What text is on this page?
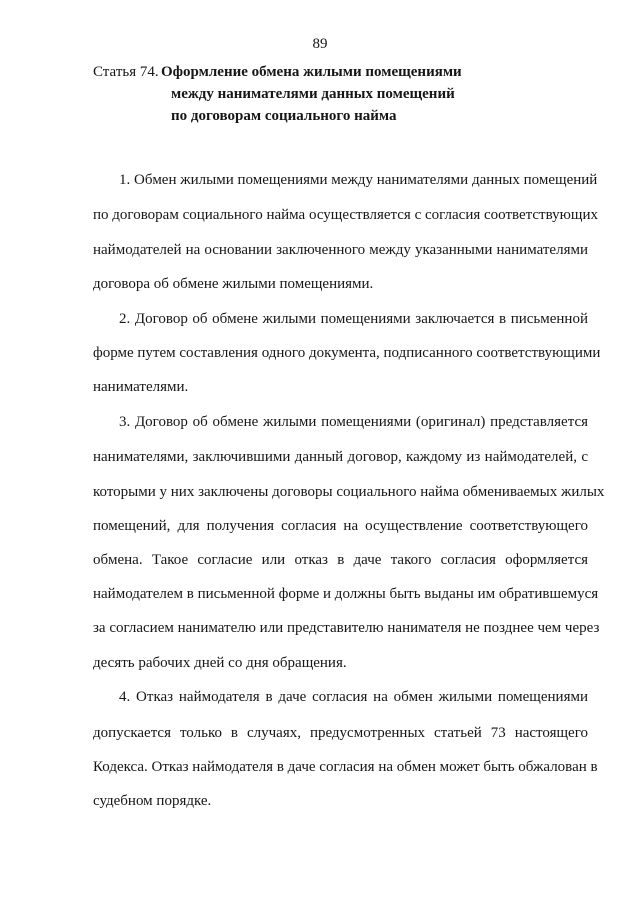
89
Статья 74. Оформление обмена жилыми помещениями
между нанимателями данных помещений
по договорам социального найма
1. Обмен жилыми помещениями между нанимателями данных помещений
по договорам социального найма осуществляется с согласия соответствующих
наймодателей на основании заключенного между указанными нанимателями
договора об обмене жилыми помещениями.
2. Договор об обмене жилыми помещениями заключается в письменной
форме путем составления одного документа, подписанного соответствующими
нанимателями.
3. Договор об обмене жилыми помещениями (оригинал) представляется
нанимателями, заключившими данный договор, каждому из наймодателей, с
которыми у них заключены договоры социального найма обмениваемых жилых
помещений, для получения согласия на осуществление соответствующего
обмена. Такое согласие или отказ в даче такого согласия оформляется
наймодателем в письменной форме и должны быть выданы им обратившемуся
за согласием нанимателю или представителю нанимателя не позднее чем через
десять рабочих дней со дня обращения.
4. Отказ наймодателя в даче согласия на обмен жилыми помещениями
допускается только в случаях, предусмотренных статьей 73 настоящего
Кодекса. Отказ наймодателя в даче согласия на обмен может быть обжалован в
судебном порядке.
